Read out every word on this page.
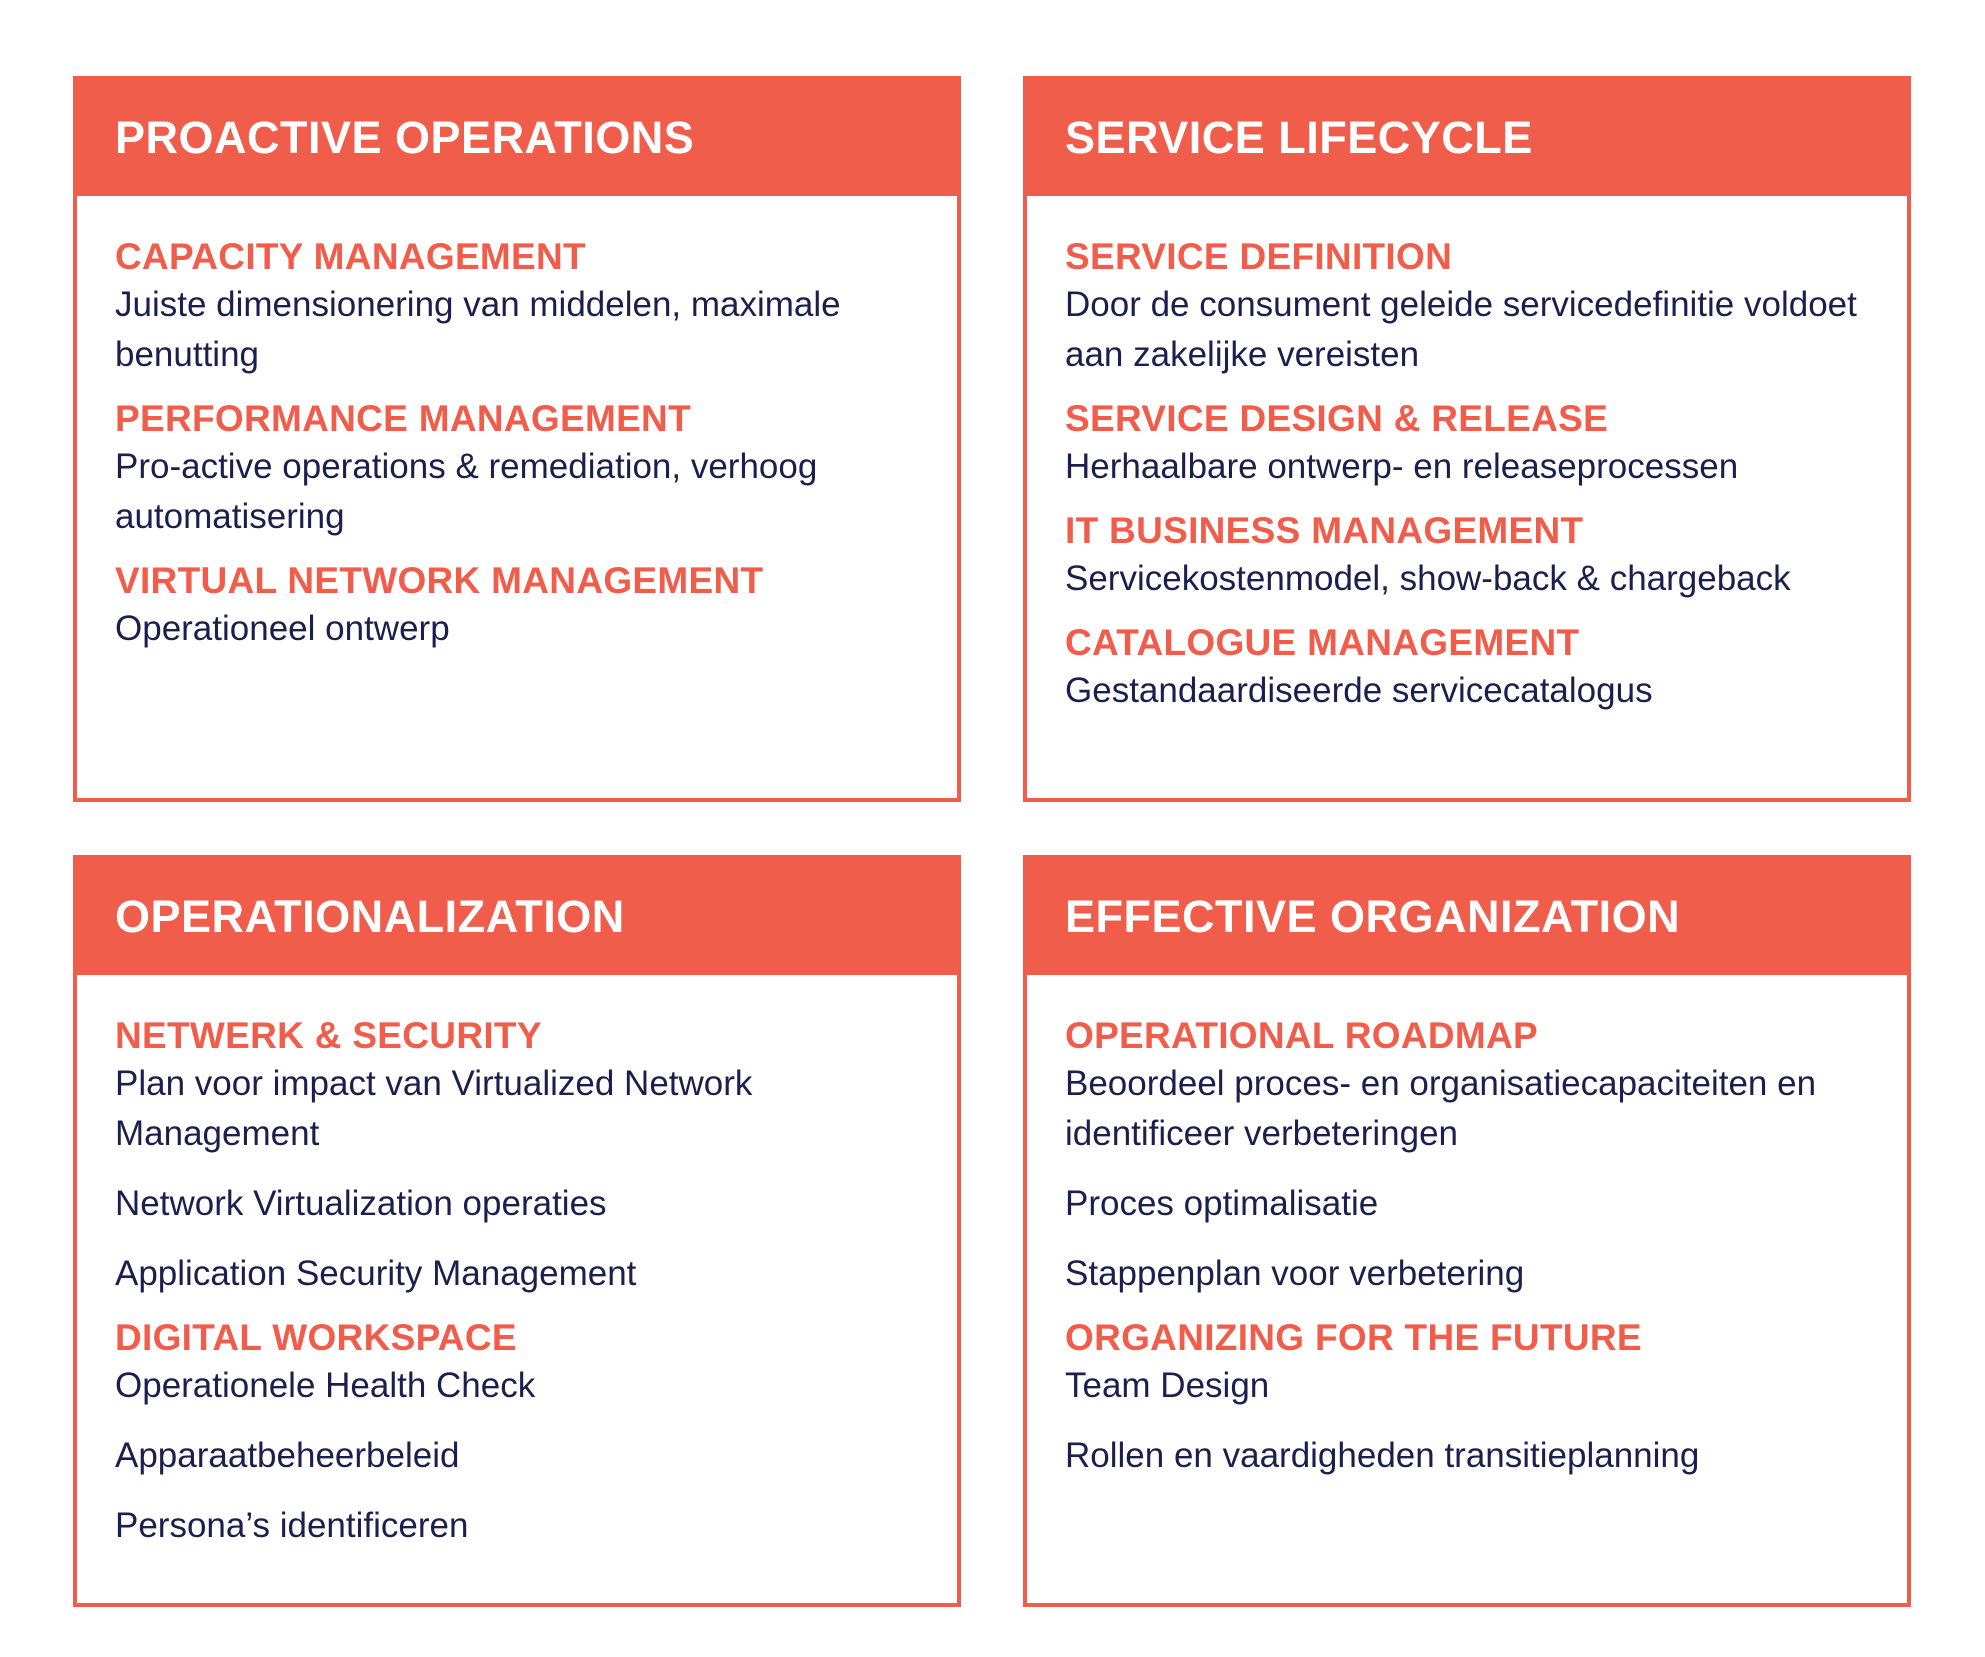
PROACTIVE OPERATIONS
CAPACITY MANAGEMENT
Juiste dimensionering van middelen, maximale benutting
PERFORMANCE MANAGEMENT
Pro-active operations & remediation, verhoog automatisering
VIRTUAL NETWORK MANAGEMENT
Operationeel ontwerp
SERVICE LIFECYCLE
SERVICE DEFINITION
Door de consument geleide servicedefinitie voldoet aan zakelijke vereisten
SERVICE DESIGN & RELEASE
Herhaalbare ontwerp- en releaseprocessen
IT BUSINESS MANAGEMENT
Servicekostenmodel, show-back & chargeback
CATALOGUE MANAGEMENT
Gestandaardiseerde servicecatalogus
OPERATIONALIZATION
NETWERK & SECURITY
Plan voor impact van Virtualized Network Management
Network Virtualization operaties
Application Security Management
DIGITAL WORKSPACE
Operationele Health Check
Apparaatbeheerbeleid
Persona’s identificeren
EFFECTIVE ORGANIZATION
OPERATIONAL ROADMAP
Beoordeel proces- en organisatiecapaciteiten en identificeer verbeteringen
Proces optimalisatie
Stappenplan voor verbetering
ORGANIZING FOR THE FUTURE
Team Design
Rollen en vaardigheden transitieplanning
